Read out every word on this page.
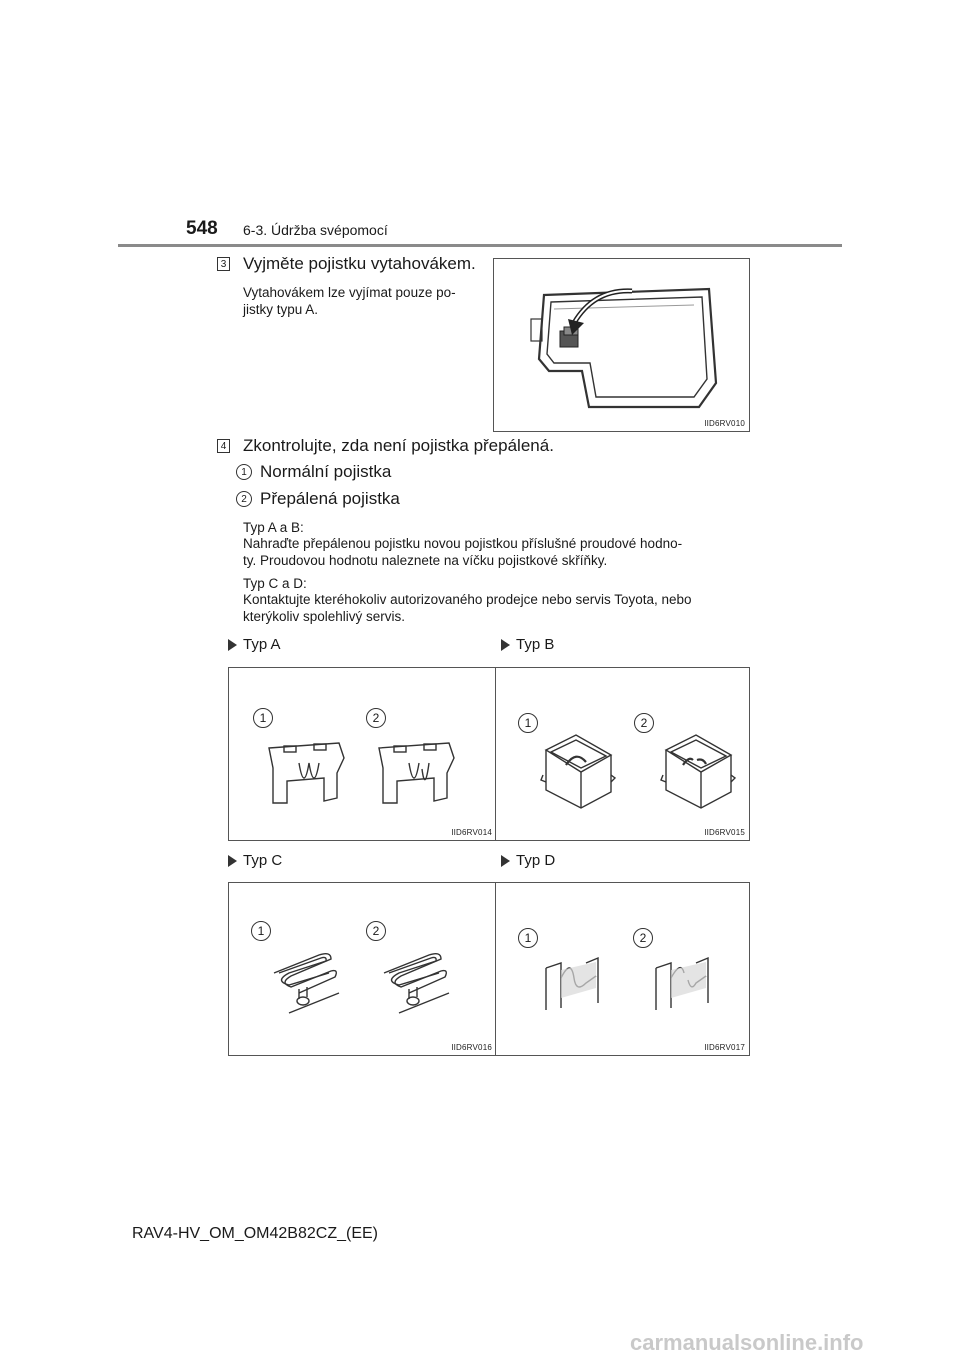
548 6-3. Údržba svépomocí
3 Vyjměte pojistku vytahovákem.
Vytahovákem lze vyjímat pouze po-
jistky typu A.
IID6RV010
4 Zkontrolujte, zda není pojistka přepálená.
1 Normální pojistka
2 Přepálená pojistka
Typ A a B:
Nahraďte přepálenou pojistku novou pojistkou příslušné proudové hodno-
ty. Proudovou hodnotu naleznete na víčku pojistkové skříňky.
Typ C a D:
Kontaktujte kteréhokoliv autorizovaného prodejce nebo servis Toyota, nebo
kterýkoliv spolehlivý servis.
Typ A	Typ B
1	2
IID6RV014
1	2
IID6RV015
Typ C	Typ D
1	2
IID6RV016
1	2
IID6RV017
RAV4-HV_OM_OM42B82CZ_(EE)
carmanualsonline.info
